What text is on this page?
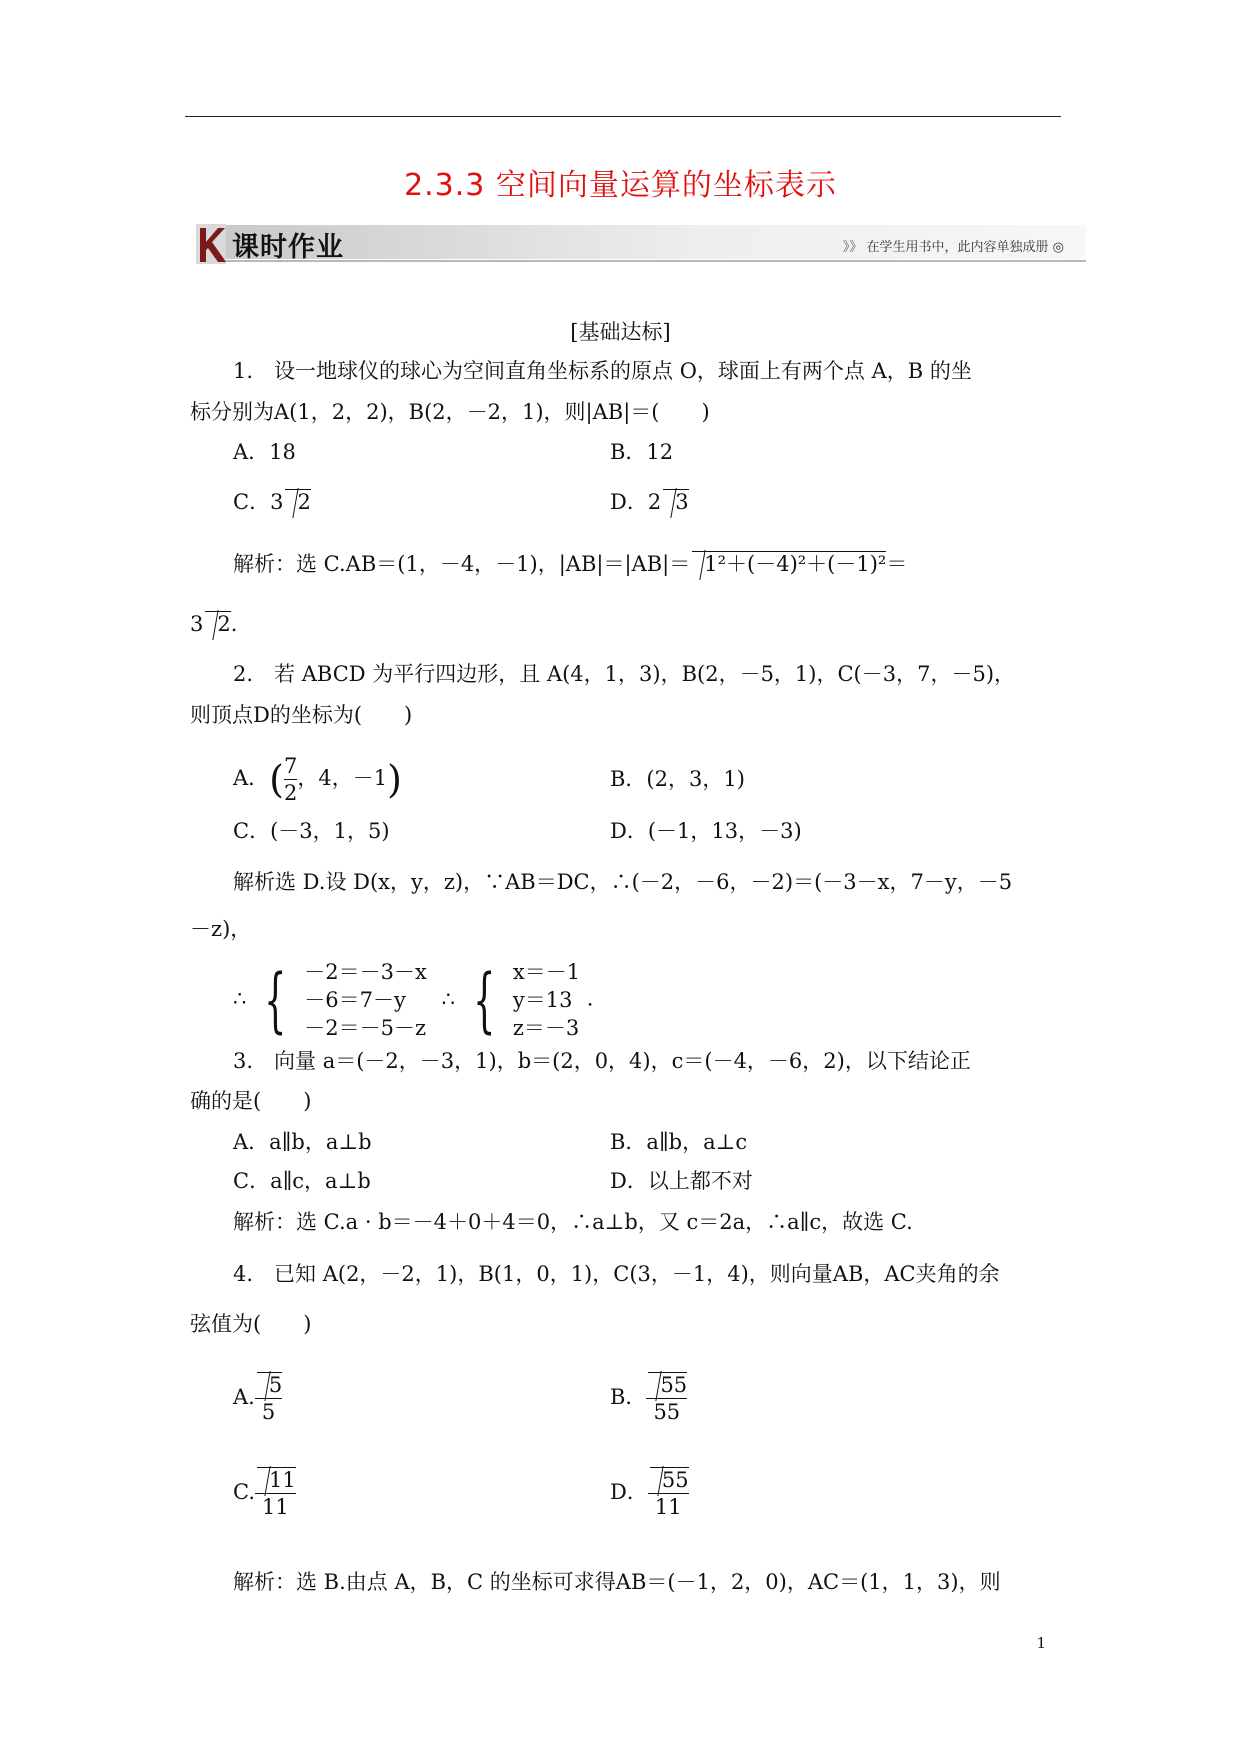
2.3.3 空间向量运算的坐标表示
课时作业	》》 在学生用书中，此内容单独成册 ◎
[基础达标]
1.　设一地球仪的球心为空间直角坐标系的原点 O，球面上有两个点 A，B 的坐
标分别为A(1，2，2)，B(2，－2，1)，则|AB|＝(　　)
A．18	B．12
C．3 2	D．2 3
解析：选 C.AB＝(1，－4，－1)，|AB|＝|AB|＝ 1²＋(－4)²＋(－1)²＝
3 2.
2.　若 ABCD 为平行四边形，且 A(4，1，3)，B(2，－5，1)，C(－3，7，－5)，
则顶点D的坐标为(　　)
A．( $\frac{7}{2}$ ，4，－1)	B．(2，3，1)
C．(－3，1，5)	D．(－1，13，－3)
解析选 D.设 D(x，y，z)，∵AB＝DC，∴(－2，－6，－2)＝(－3－x，7－y，－5
－z)，
∴ { －2＝－3－x
－6＝7－y
－2＝－5－z
∴ { x＝－1
y＝13
z＝－3
.
3.　向量 a＝(－2，－3，1)，b＝(2，0，4)，c＝(－4，－6，2)，以下结论正
确的是(　　)
A．a∥b，a⊥b	B．a∥b，a⊥c
C．a∥c，a⊥b	D．以上都不对
解析：选 C.a · b＝－4＋0＋4＝0，∴a⊥b，又 c＝2a，∴a∥c，故选 C.
4.　已知 A(2，－2，1)，B(1，0，1)，C(3，－1，4)，则向量AB，AC夹角的余
弦值为(　　)
A. $\frac{5}{5}$	B． $\frac{55}{55}$
C. $\frac{11}{11}$	D． $\frac{55}{11}$
解析：选 B.由点 A，B，C 的坐标可求得AB＝(－1，2，0)，AC＝(1，1，3)，则
1
